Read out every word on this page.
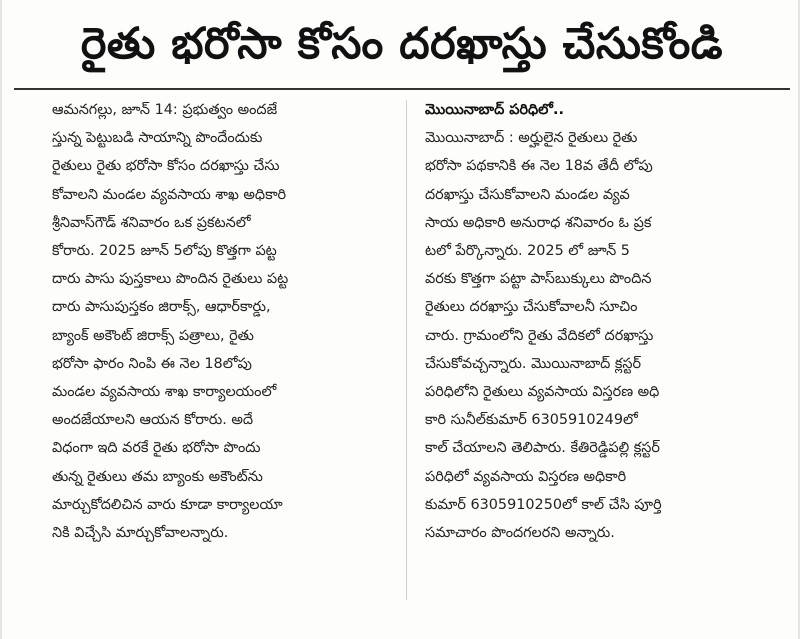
రైతు భరోసా కోసం దరఖాస్తు చేసుకోండి
ఆమనగల్లు, జూన్ 14: ప్రభుత్వం అందజే
స్తున్న పెట్టుబడి సాయాన్ని పొందేందుకు
రైతులు రైతు భరోసా కోసం దరఖాస్తు చేసు
కోవాలని మండల వ్యవసాయ శాఖ అధికారి
శ్రీనివాస్‌గౌడ్ శనివారం ఒక ప్రకటనలో
కోరారు. 2025 జూన్ 5లోపు కొత్తగా పట్ట
దారు పాసు పుస్తకాలు పొందిన రైతులు పట్ట
దారు పాసుపుస్తకం జిరాక్స్, ఆధార్‌కార్డు,
బ్యాంక్ అకౌంట్ జిరాక్స్ పత్రాలు, రైతు
భరోసా ఫారం నింపి ఈ నెల 18లోపు
మండల వ్యవసాయ శాఖ కార్యాలయంలో
అందజేయాలని ఆయన కోరారు. అదే
విధంగా ఇది వరకే రైతు భరోసా పొందు
తున్న రైతులు తమ బ్యాంకు అకౌంట్‌ను
మార్చుకోదలిచిన వారు కూడా కార్యాలయా
నికి విచ్చేసి మార్చుకోవాలన్నారు.
మొయినాబాద్ పరిధిలో..
మొయినాబాద్ : అర్హులైన రైతులు రైతు
భరోసా పథకానికి ఈ నెల 18వ తేదీ లోపు
దరఖాస్తు చేసుకోవాలని మండల వ్యవ
సాయ అధికారి అనురాధ శనివారం ఓ ప్రక
టలో పేర్కొన్నారు. 2025 లో జూన్ 5
వరకు కొత్తగా పట్టా పాస్‌బుక్కులు పొందిన
రైతులు దరఖాస్తు చేసుకోవాలనీ సూచిం
చారు. గ్రామంలోని రైతు వేదికలో దరఖాస్తు
చేసుకోవచ్చన్నారు. మొయినాబాద్ క్లస్టర్
పరిధిలోని రైతులు వ్యవసాయ విస్తరణ అధి
కారి సునీల్‌కుమార్ 6305910249లో
కాల్ చేయాలని తెలిపారు. కేతిరెడ్డిపల్లి క్లస్టర్
పరిధిలో వ్యవసాయ విస్తరణ అధికారి
కుమార్ 6305910250లో కాల్ చేసి పూర్తి
సమాచారం పొందగలరని అన్నారు.
